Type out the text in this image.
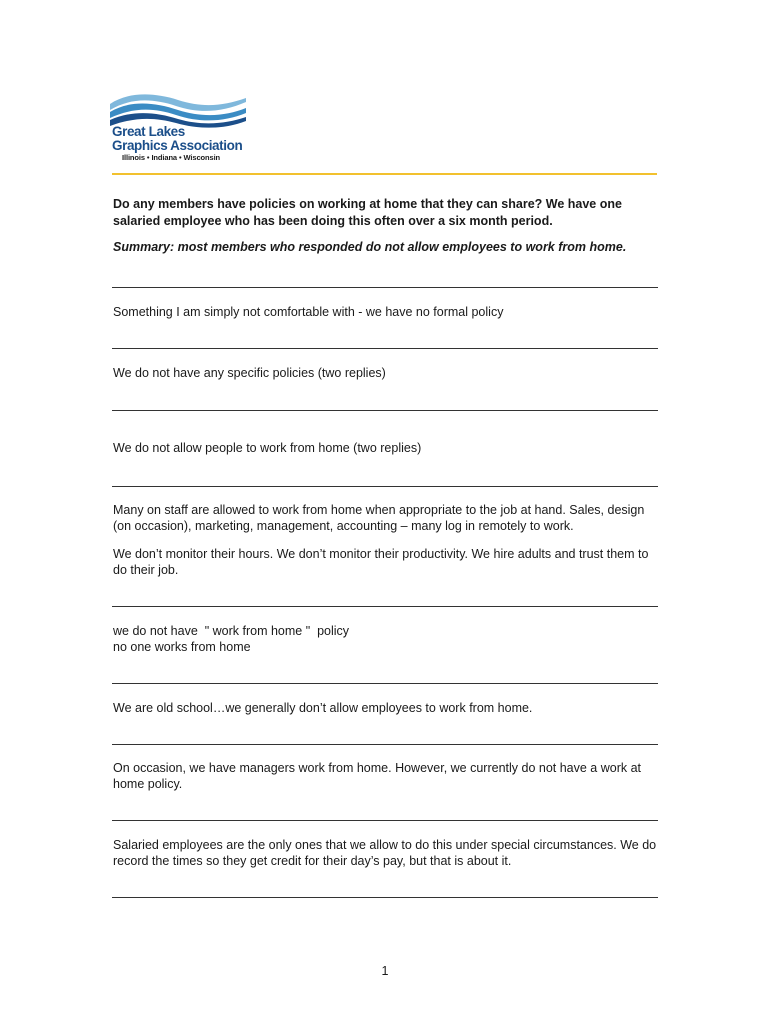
Great Lakes
Graphics Association
Illinois • Indiana • Wisconsin
Do any members have policies on working at home that they can share? We have one salaried employee who has been doing this often over a six month period.
Summary: most members who responded do not allow employees to work from home.

Something I am simply not comfortable with - we have no formal policy

We do not have any specific policies (two replies)

We do not allow people to work from home (two replies)

Many on staff are allowed to work from home when appropriate to the job at hand. Sales, design (on occasion), marketing, management, accounting – many log in remotely to work.

We don’t monitor their hours. We don’t monitor their productivity. We hire adults and trust them to do their job.

we do not have  " work from home "  policy

no one works from home

We are old school…we generally don’t allow employees to work from home.

On occasion, we have managers work from home. However, we currently do not have a work at home policy.

Salaried employees are the only ones that we allow to do this under special circumstances. We do record the times so they get credit for their day’s pay, but that is about it.

1
